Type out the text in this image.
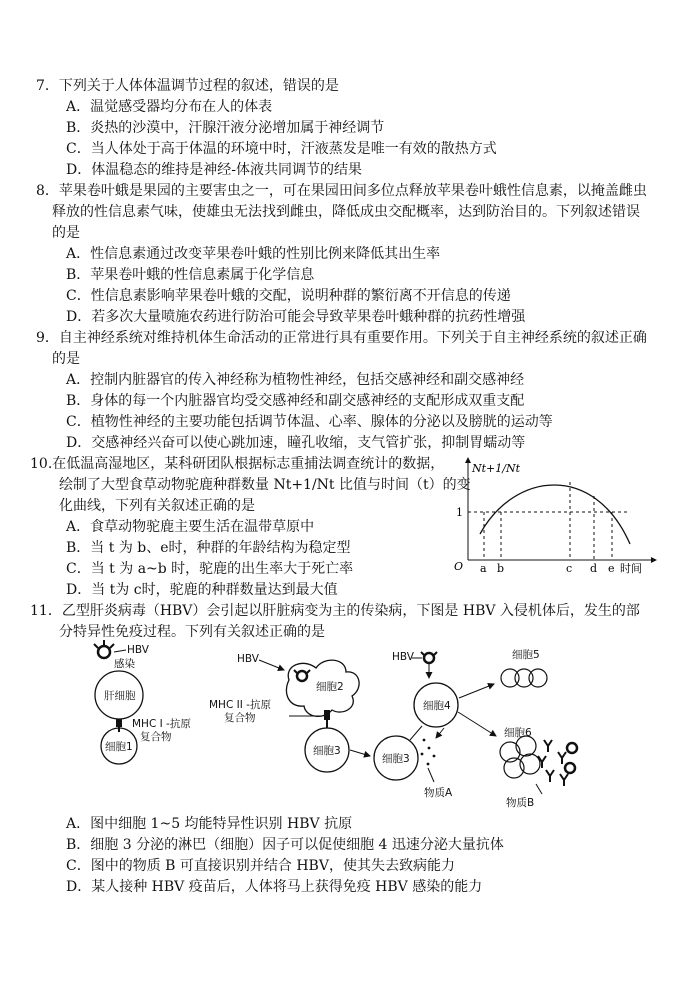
7．下列关于人体体温调节过程的叙述，错误的是
A．温觉感受器均分布在人的体表
B．炎热的沙漠中，汗腺汗液分泌增加属于神经调节
C．当人体处于高于体温的环境中时，汗液蒸发是唯一有效的散热方式
D．体温稳态的维持是神经-体液共同调节的结果
8．苹果卷叶蛾是果园的主要害虫之一，可在果园田间多位点释放苹果卷叶蛾性信息素，以掩盖雌虫
释放的性信息素气味，使雄虫无法找到雌虫，降低成虫交配概率，达到防治目的。下列叙述错误
的是
A．性信息素通过改变苹果卷叶蛾的性别比例来降低其出生率
B．苹果卷叶蛾的性信息素属于化学信息
C．性信息素影响苹果卷叶蛾的交配，说明种群的繁衍离不开信息的传递
D．若多次大量喷施农药进行防治可能会导致苹果卷叶蛾种群的抗药性增强
9．自主神经系统对维持机体生命活动的正常进行具有重要作用。下列关于自主神经系统的叙述正确
的是
A．控制内脏器官的传入神经称为植物性神经，包括交感神经和副交感神经
B．身体的每一个内脏器官均受交感神经和副交感神经的支配形成双重支配
C．植物性神经的主要功能包括调节体温、心率、腺体的分泌以及膀胱的运动等
D．交感神经兴奋可以使心跳加速，瞳孔收缩，支气管扩张，抑制胃蠕动等
10.在低温高湿地区，某科研团队根据标志重捕法调查统计的数据，
绘制了大型食草动物驼鹿种群数量 Nt+1/Nt 比值与时间（t）的变
化曲线，下列有关叙述正确的是
A．食草动物驼鹿主要生活在温带草原中
B．当 t 为 b、e时，种群的年龄结构为稳定型
C．当 t 为 a~b 时，驼鹿的出生率大于死亡率
D．当 t为 c时，驼鹿的种群数量达到最大值
Nt+1/Nt
1
O a b	c d e 时间
11．乙型肝炎病毒（HBV）会引起以肝脏病变为主的传染病，下图是 HBV 入侵机体后，发生的部
分特异性免疫过程。下列有关叙述正确的是
HBV
感染
肝细胞
MHC I -抗原
复合物
细胞1
HBV
细胞2
MHC II -抗原
复合物
细胞3
HBV
细胞4
细胞3
物质A
细胞5
细胞6
物质B
A．图中细胞 1~5 均能特异性识别 HBV 抗原
B．细胞 3 分泌的淋巴（细胞）因子可以促使细胞 4 迅速分泌大量抗体
C．图中的物质 B 可直接识别并结合 HBV，使其失去致病能力
D．某人接种 HBV 疫苗后，人体将马上获得免疫 HBV 感染的能力
